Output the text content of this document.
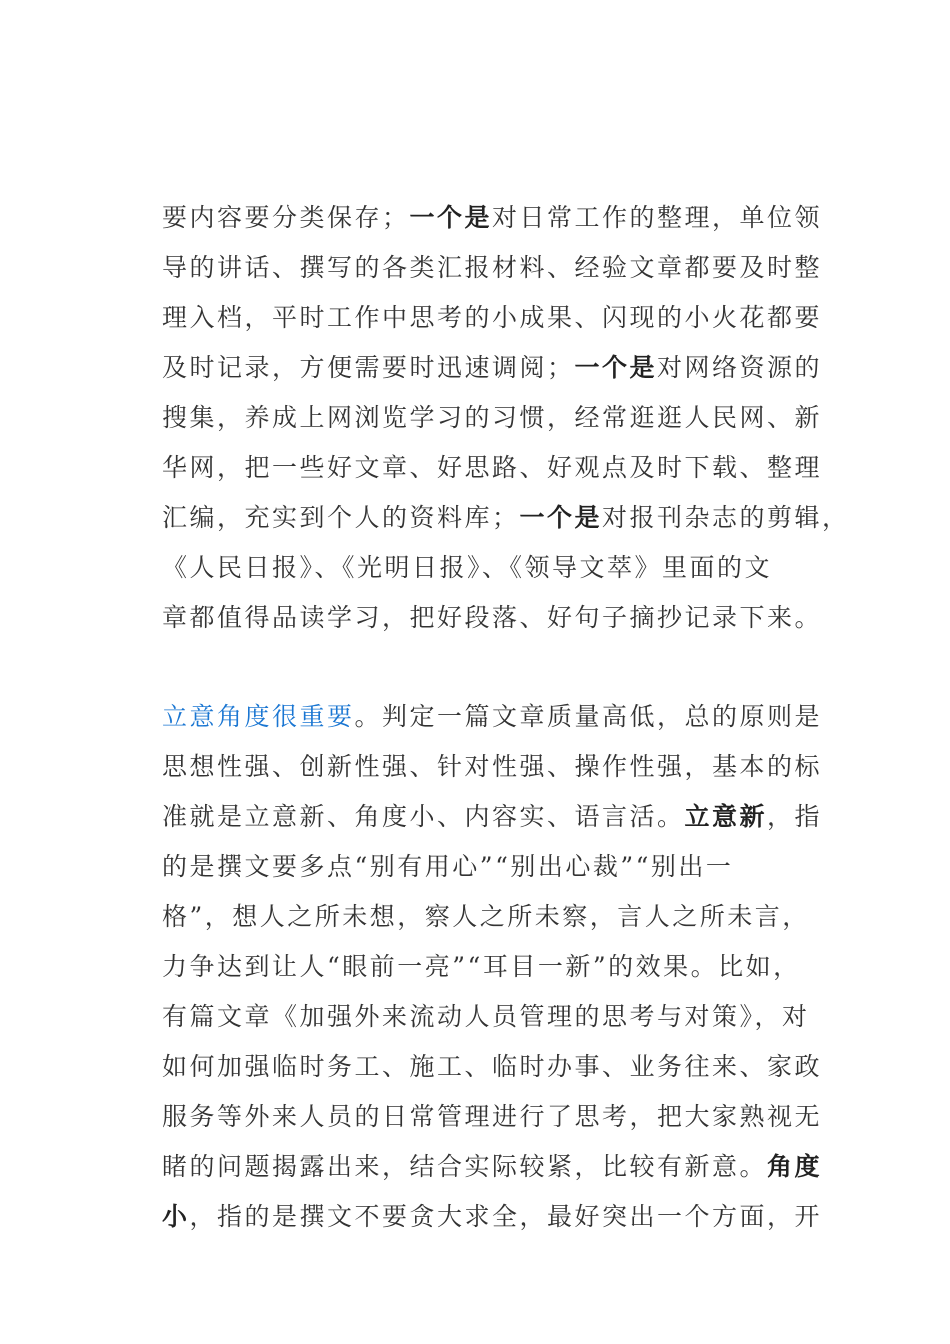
要内容要分类保存；一个是对日常工作的整理，单位领
导的讲话、撰写的各类汇报材料、经验文章都要及时整
理入档，平时工作中思考的小成果、闪现的小火花都要
及时记录，方便需要时迅速调阅；一个是对网络资源的
搜集，养成上网浏览学习的习惯，经常逛逛人民网、新
华网，把一些好文章、好思路、好观点及时下载、整理
汇编，充实到个人的资料库；一个是对报刊杂志的剪辑，
《人民日报》、《光明日报》、《领导文萃》里面的文
章都值得品读学习，把好段落、好句子摘抄记录下来。
立意角度很重要。判定一篇文章质量高低，总的原则是
思想性强、创新性强、针对性强、操作性强，基本的标
准就是立意新、角度小、内容实、语言活。立意新，指
的是撰文要多点“别有用心”“别出心裁”“别出一
格”，想人之所未想，察人之所未察，言人之所未言，
力争达到让人“眼前一亮”“耳目一新”的效果。比如，
有篇文章《加强外来流动人员管理的思考与对策》，对
如何加强临时务工、施工、临时办事、业务往来、家政
服务等外来人员的日常管理进行了思考，把大家熟视无
睹的问题揭露出来，结合实际较紧，比较有新意。角度
小，指的是撰文不要贪大求全，最好突出一个方面，开
